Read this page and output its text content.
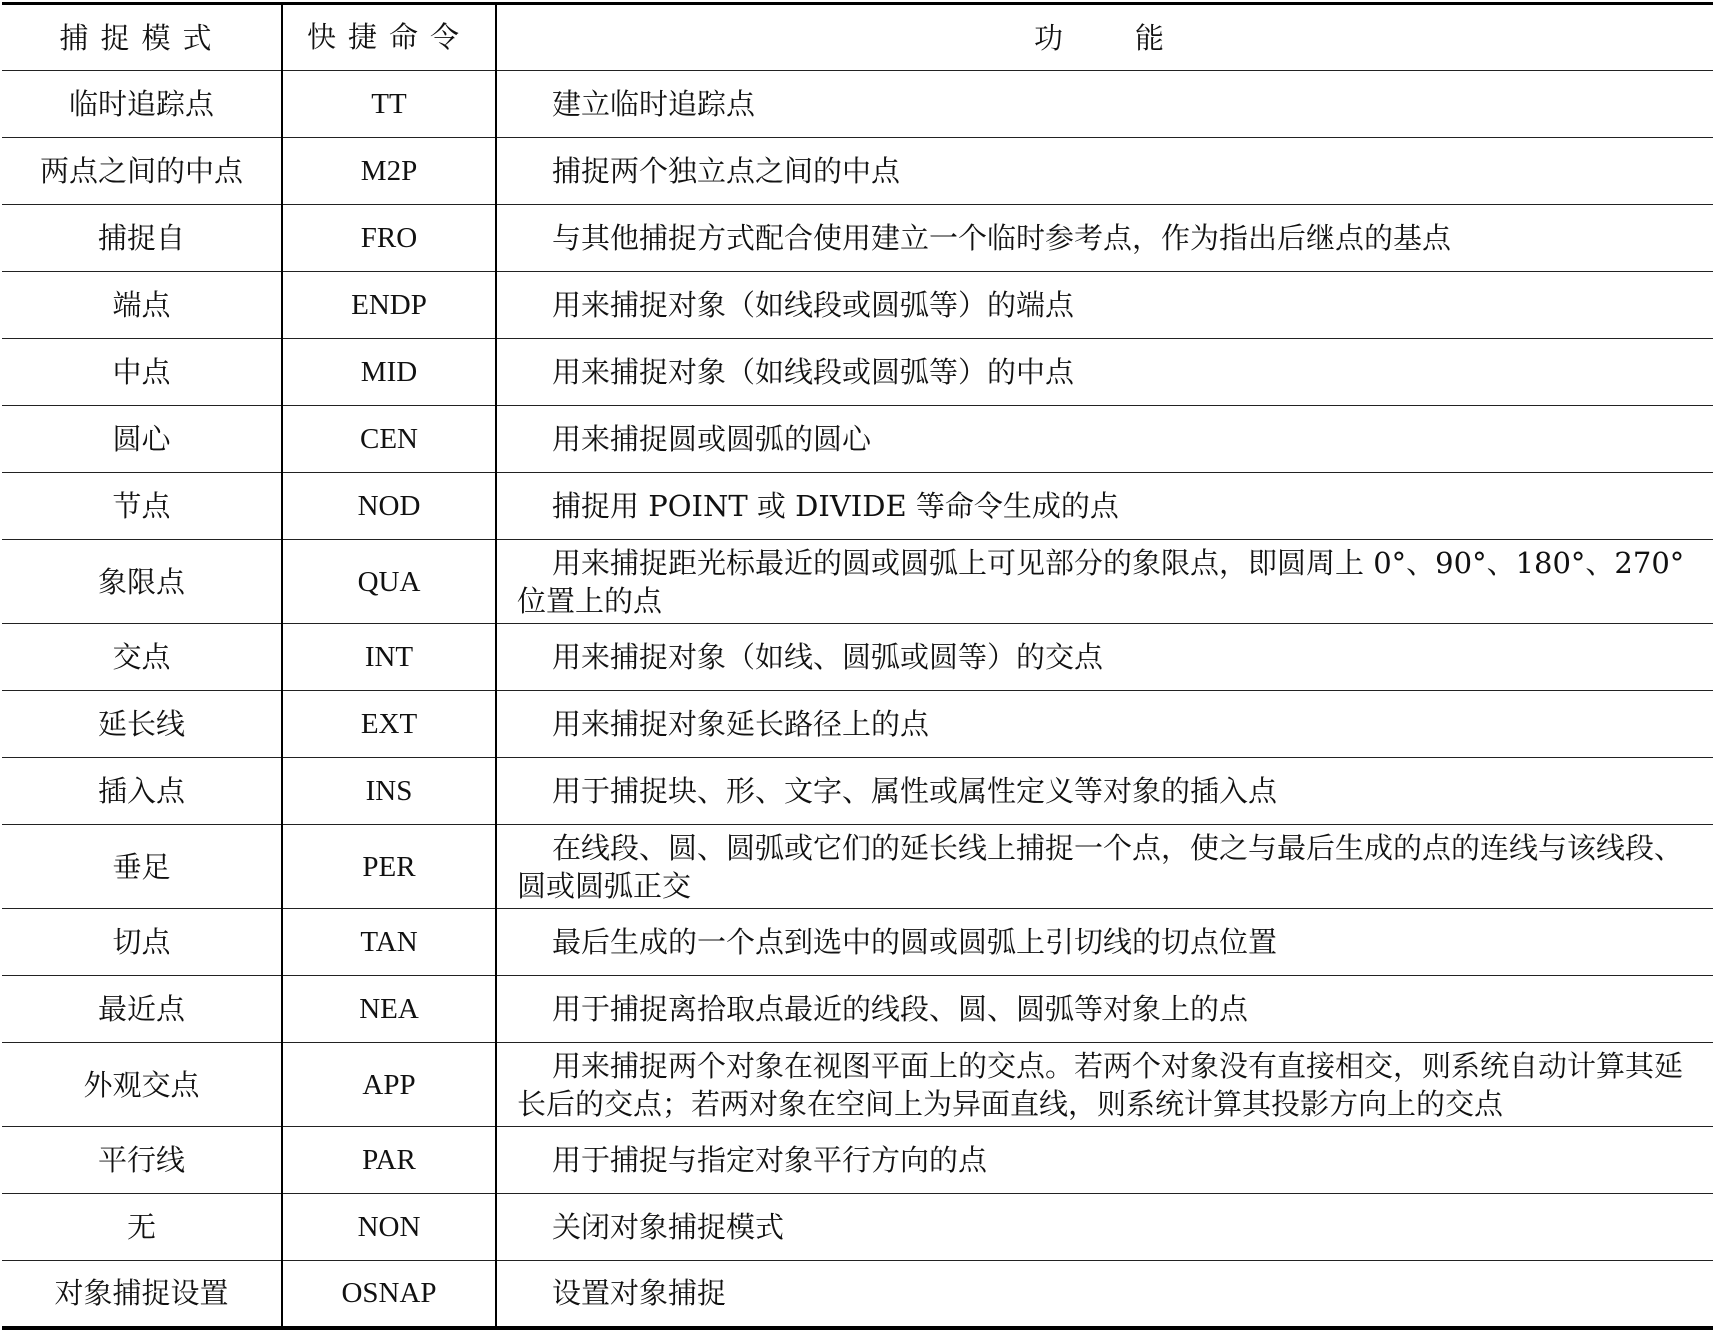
捕捉模式	快捷命令	功 能
临时追踪点	TT	建立临时追踪点

两点之间的中点	M2P	捕捉两个独立点之间的中点

捕捉自	FRO	与其他捕捉方式配合使用建立一个临时参考点，作为指出后继点的基点

端点	ENDP	用来捕捉对象（如线段或圆弧等）的端点

中点	MID	用来捕捉对象（如线段或圆弧等）的中点

圆心	CEN	用来捕捉圆或圆弧的圆心

节点	NOD	捕捉用 POINT 或 DIVIDE 等命令生成的点

象限点	QUA	用来捕捉距光标最近的圆或圆弧上可见部分的象限点，即圆周上 0°、90°、180°、270°位置上的点

交点	INT	用来捕捉对象（如线、圆弧或圆等）的交点

延长线	EXT	用来捕捉对象延长路径上的点

插入点	INS	用于捕捉块、形、文字、属性或属性定义等对象的插入点

垂足	PER	在线段、圆、圆弧或它们的延长线上捕捉一个点，使之与最后生成的点的连线与该线段、圆或圆弧正交

切点	TAN	最后生成的一个点到选中的圆或圆弧上引切线的切点位置

最近点	NEA	用于捕捉离拾取点最近的线段、圆、圆弧等对象上的点

外观交点	APP	用来捕捉两个对象在视图平面上的交点。若两个对象没有直接相交，则系统自动计算其延长后的交点；若两对象在空间上为异面直线，则系统计算其投影方向上的交点

平行线	PAR	用于捕捉与指定对象平行方向的点

无	NON	关闭对象捕捉模式

对象捕捉设置	OSNAP	设置对象捕捉
